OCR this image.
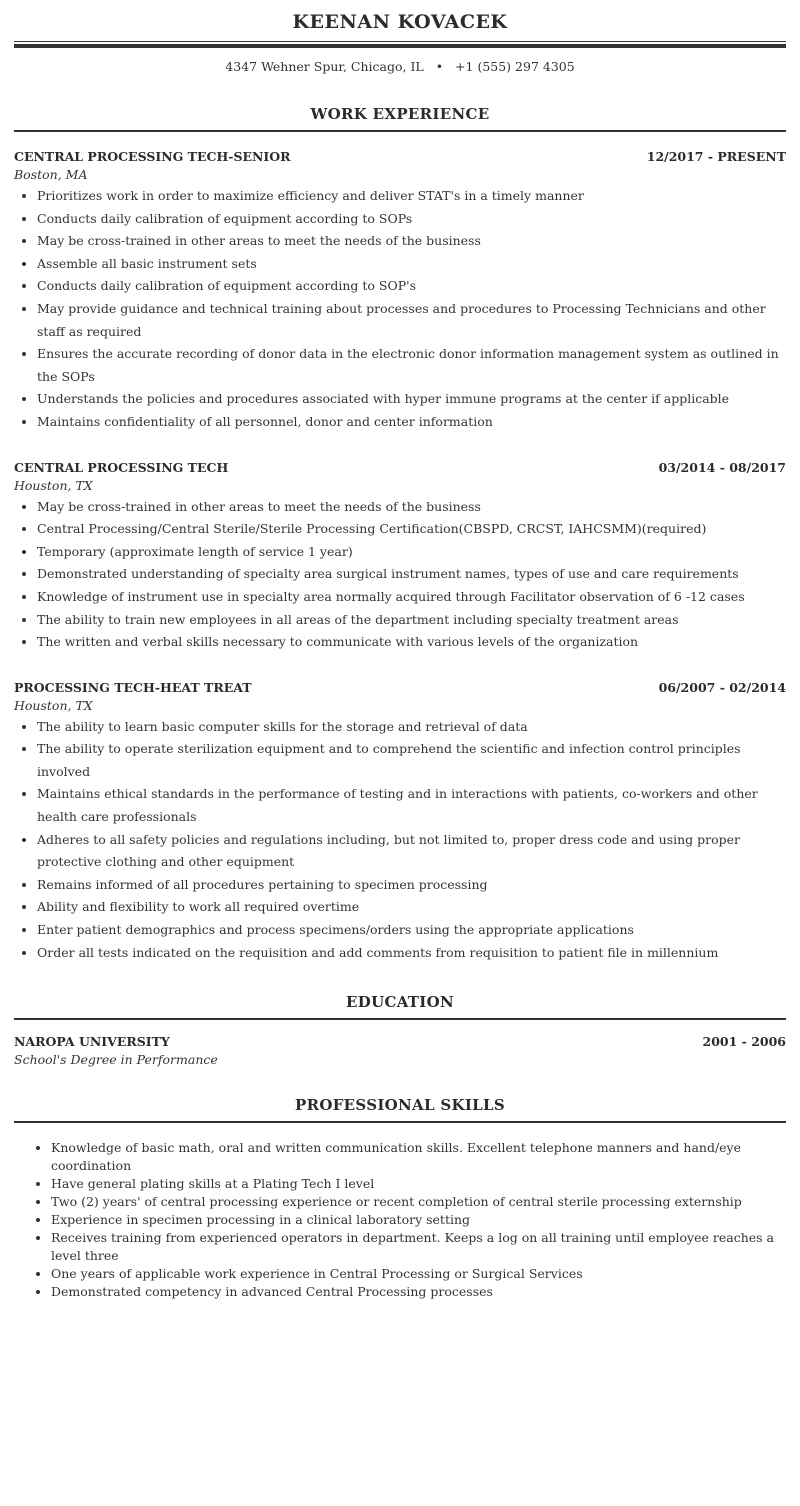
KEENAN KOVACEK
4347 Wehner Spur, Chicago, IL • +1 (555) 297 4305
WORK EXPERIENCE
CENTRAL PROCESSING TECH-SENIOR	12/2017 - PRESENT
Boston, MA
• Prioritizes work in order to maximize efficiency and deliver STAT's in a timely manner
• Conducts daily calibration of equipment according to SOPs
• May be cross-trained in other areas to meet the needs of the business
• Assemble all basic instrument sets
• Conducts daily calibration of equipment according to SOP's
• May provide guidance and technical training about processes and procedures to Processing Technicians and other staff as required
• Ensures the accurate recording of donor data in the electronic donor information management system as outlined in the SOPs
• Understands the policies and procedures associated with hyper immune programs at the center if applicable
• Maintains confidentiality of all personnel, donor and center information
CENTRAL PROCESSING TECH	03/2014 - 08/2017
Houston, TX
• May be cross-trained in other areas to meet the needs of the business
• Central Processing/Central Sterile/Sterile Processing Certification(CBSPD, CRCST, IAHCSMM)(required)
• Temporary (approximate length of service 1 year)
• Demonstrated understanding of specialty area surgical instrument names, types of use and care requirements
• Knowledge of instrument use in specialty area normally acquired through Facilitator observation of 6 -12 cases
• The ability to train new employees in all areas of the department including specialty treatment areas
• The written and verbal skills necessary to communicate with various levels of the organization
PROCESSING TECH-HEAT TREAT	06/2007 - 02/2014
Houston, TX
• The ability to learn basic computer skills for the storage and retrieval of data
• The ability to operate sterilization equipment and to comprehend the scientific and infection control principles involved
• Maintains ethical standards in the performance of testing and in interactions with patients, co-workers and other health care professionals
• Adheres to all safety policies and regulations including, but not limited to, proper dress code and using proper protective clothing and other equipment
• Remains informed of all procedures pertaining to specimen processing
• Ability and flexibility to work all required overtime
• Enter patient demographics and process specimens/orders using the appropriate applications
• Order all tests indicated on the requisition and add comments from requisition to patient file in millennium
EDUCATION
NAROPA UNIVERSITY	2001 - 2006
School's Degree in Performance
PROFESSIONAL SKILLS
• Knowledge of basic math, oral and written communication skills. Excellent telephone manners and hand/eye coordination
• Have general plating skills at a Plating Tech I level
• Two (2) years' of central processing experience or recent completion of central sterile processing externship
• Experience in specimen processing in a clinical laboratory setting
• Receives training from experienced operators in department. Keeps a log on all training until employee reaches a level three
• One years of applicable work experience in Central Processing or Surgical Services
• Demonstrated competency in advanced Central Processing processes
